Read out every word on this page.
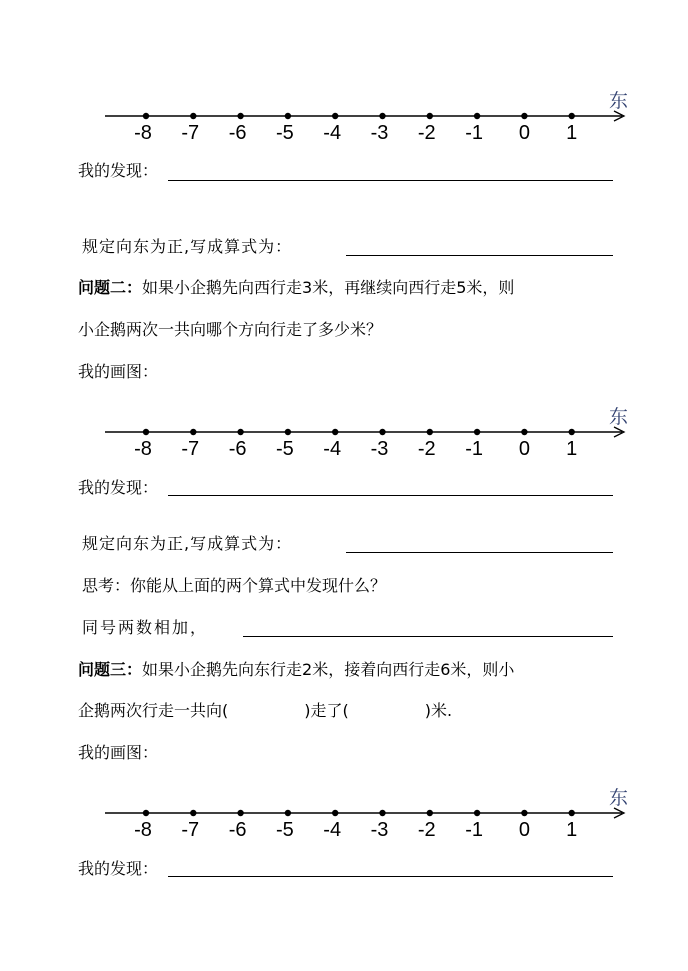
东
-8	-7	-6	-5	-4	-3	-2	-1	0	1
我的发现：
规定向东为正,写成算式为：
问题二：如果小企鹅先向西行走3米，再继续向西行走5米，则
小企鹅两次一共向哪个方向行走了多少米？
我的画图：
东
-8	-7	-6	-5	-4	-3	-2	-1	0	1
我的发现：
规定向东为正,写成算式为：
思考：你能从上面的两个算式中发现什么？
同号两数相加，
问题三：如果小企鹅先向东行走2米，接着向西行走6米，则小
企鹅两次行走一共向(	)走了(	)米.
我的画图：
东
-8	-7	-6	-5	-4	-3	-2	-1	0	1
我的发现：
